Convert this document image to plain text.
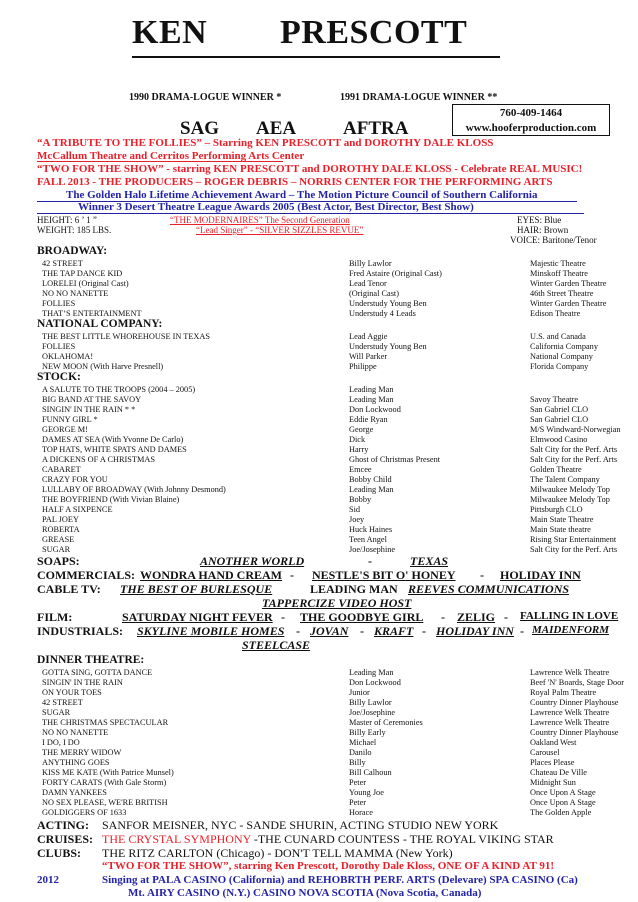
KEN PRESCOTT
1990 DRAMA-LOGUE WINNER *	1991 DRAMA-LOGUE WINNER **
SAG AEA AFTRA
760-409-1464
www.hooferproduction.com
“A TRIBUTE TO THE FOLLIES” – Starring KEN PRESCOTT and DOROTHY DALE KLOSS
McCallum Theatre and Cerritos Performing Arts Center
“TWO FOR THE SHOW” - starring KEN PRESCOTT and DOROTHY DALE KLOSS - Celebrate REAL MUSIC!
FALL 2013 - THE PRODUCERS – ROGER DEBRIS – NORRIS CENTER FOR THE PERFORMING ARTS
The Golden Halo Lifetime Achievement Award – The Motion Picture Council of Southern California
Winner 3 Desert Theatre League Awards 2005 (Best Actor, Best Director, Best Show)
HEIGHT: 6 ’ 1 ”
WEIGHT: 185 LBS.
“THE MODERNAIRES” The Second Generation
“Lead Singer” - “SILVER SIZZLES REVUE”
EYES: Blue
HAIR: Brown
VOICE: Baritone/Tenor
BROADWAY:
42 STREET	Billy Lawlor	Majestic Theatre
THE TAP DANCE KID	Fred Astaire (Original Cast)	Minskoff Theatre
LORELEI (Original Cast)	Lead Tenor	Winter Garden Theatre
NO NO NANETTE	(Original Cast)	46th Street Theatre
FOLLIES	Understudy Young Ben	Winter Garden Theatre
THAT’S ENTERTAINMENT	Understudy 4 Leads	Edison Theatre
NATIONAL COMPANY:
THE BEST LITTLE WHOREHOUSE IN TEXAS	Lead Aggie	U.S. and Canada
FOLLIES	Understudy Young Ben	California Company
OKLAHOMA!	Will Parker	National Company
NEW MOON (With Harve Presnell)	Philippe	Florida Company
STOCK:
A SALUTE TO THE TROOPS (2004 – 2005)	Leading Man
BIG BAND AT THE SAVOY	Leading Man	Savoy Theatre
SINGIN' IN THE RAIN * *	Don Lockwood	San Gabriel CLO
FUNNY GIRL *	Eddie Ryan	San Gabriel CLO
GEORGE M!	George	M/S Windward-Norwegian
DAMES AT SEA (With Yvonne De Carlo)	Dick	Elmwood Casino
TOP HATS, WHITE SPATS AND DAMES	Harry	Salt City for the Perf. Arts
A DICKENS OF A CHRISTMAS	Ghost of Christmas Present	Salt City for the Perf. Arts
CABARET	Emcee	Golden Theatre
CRAZY FOR YOU	Bobby Child	The Talent Company
LULLABY OF BROADWAY (With Johnny Desmond)	Leading Man	Milwaukee Melody Top
THE BOYFRIEND (With Vivian Blaine)	Bobby	Milwaukee Melody Top
HALF A SIXPENCE	Sid	Pittsburgh CLO
PAL JOEY	Joey	Main State Theatre
ROBERTA	Huck Haines	Main State theatre
GREASE	Teen Angel	Rising Star Entertainment
SUGAR	Joe/Josephine	Salt City for the Perf. Arts
SOAPS:	ANOTHER WORLD	-	TEXAS
COMMERCIALS: WONDRA HAND CREAM - NESTLE'S BIT O' HONEY - HOLIDAY INN
CABLE TV: THE BEST OF BURLESQUE	LEADING MAN REEVES COMMUNICATIONS
TAPPERCIZE VIDEO HOST
FILM:	SATURDAY NIGHT FEVER - THE GOODBYE GIRL - ZELIG - FALLING IN LOVE
INDUSTRIALS: SKYLINE MOBILE HOMES - JOVAN - KRAFT - HOLIDAY INN - MAIDENFORM
STEELCASE
DINNER THEATRE:
GOTTA SING, GOTTA DANCE	Leading Man	Lawrence Welk Theatre
SINGIN' IN THE RAIN	Don Lockwood	Beef 'N' Boards, Stage Door
ON YOUR TOES	Junior	Royal Palm Theatre
42 STREET	Billy Lawlor	Country Dinner Playhouse
SUGAR	Joe/Josephine	Lawrence Welk Theatre
THE CHRISTMAS SPECTACULAR	Master of Ceremonies	Lawrence Welk Theatre
NO NO NANETTE	Billy Early	Country Dinner Playhouse
I DO, I DO	Michael	Oakland West
THE MERRY WIDOW	Danilo	Carousel
ANYTHING GOES	Billy	Places Please
KISS ME KATE (With Patrice Munsel)	Bill Calhoun	Chateau De Ville
FORTY CARATS (With Gale Storm)	Peter	Midnight Sun
DAMN YANKEES	Young Joe	Once Upon A Stage
NO SEX PLEASE, WE'RE BRITISH	Peter	Once Upon A Stage
GOLDIGGERS OF 1633	Horace	The Golden Apple
ACTING: SANFOR MEISNER, NYC - SANDE SHURIN, ACTING STUDIO NEW YORK
CRUISES: THE CRYSTAL SYMPHONY -THE CUNARD COUNTESS - THE ROYAL VIKING STAR
CLUBS: THE RITZ CARLTON (Chicago) - DON'T TELL MAMMA (New York)
“TWO FOR THE SHOW”, starring Ken Prescott, Dorothy Dale Kloss, ONE OF A KIND AT 91!
2012	Singing at PALA CASINO (California) and REHOBRTH PERF. ARTS (Delevare) SPA CASINO (Ca)
Mt. AIRY CASINO (N.Y.) CASINO NOVA SCOTIA (Nova Scotia, Canada)
